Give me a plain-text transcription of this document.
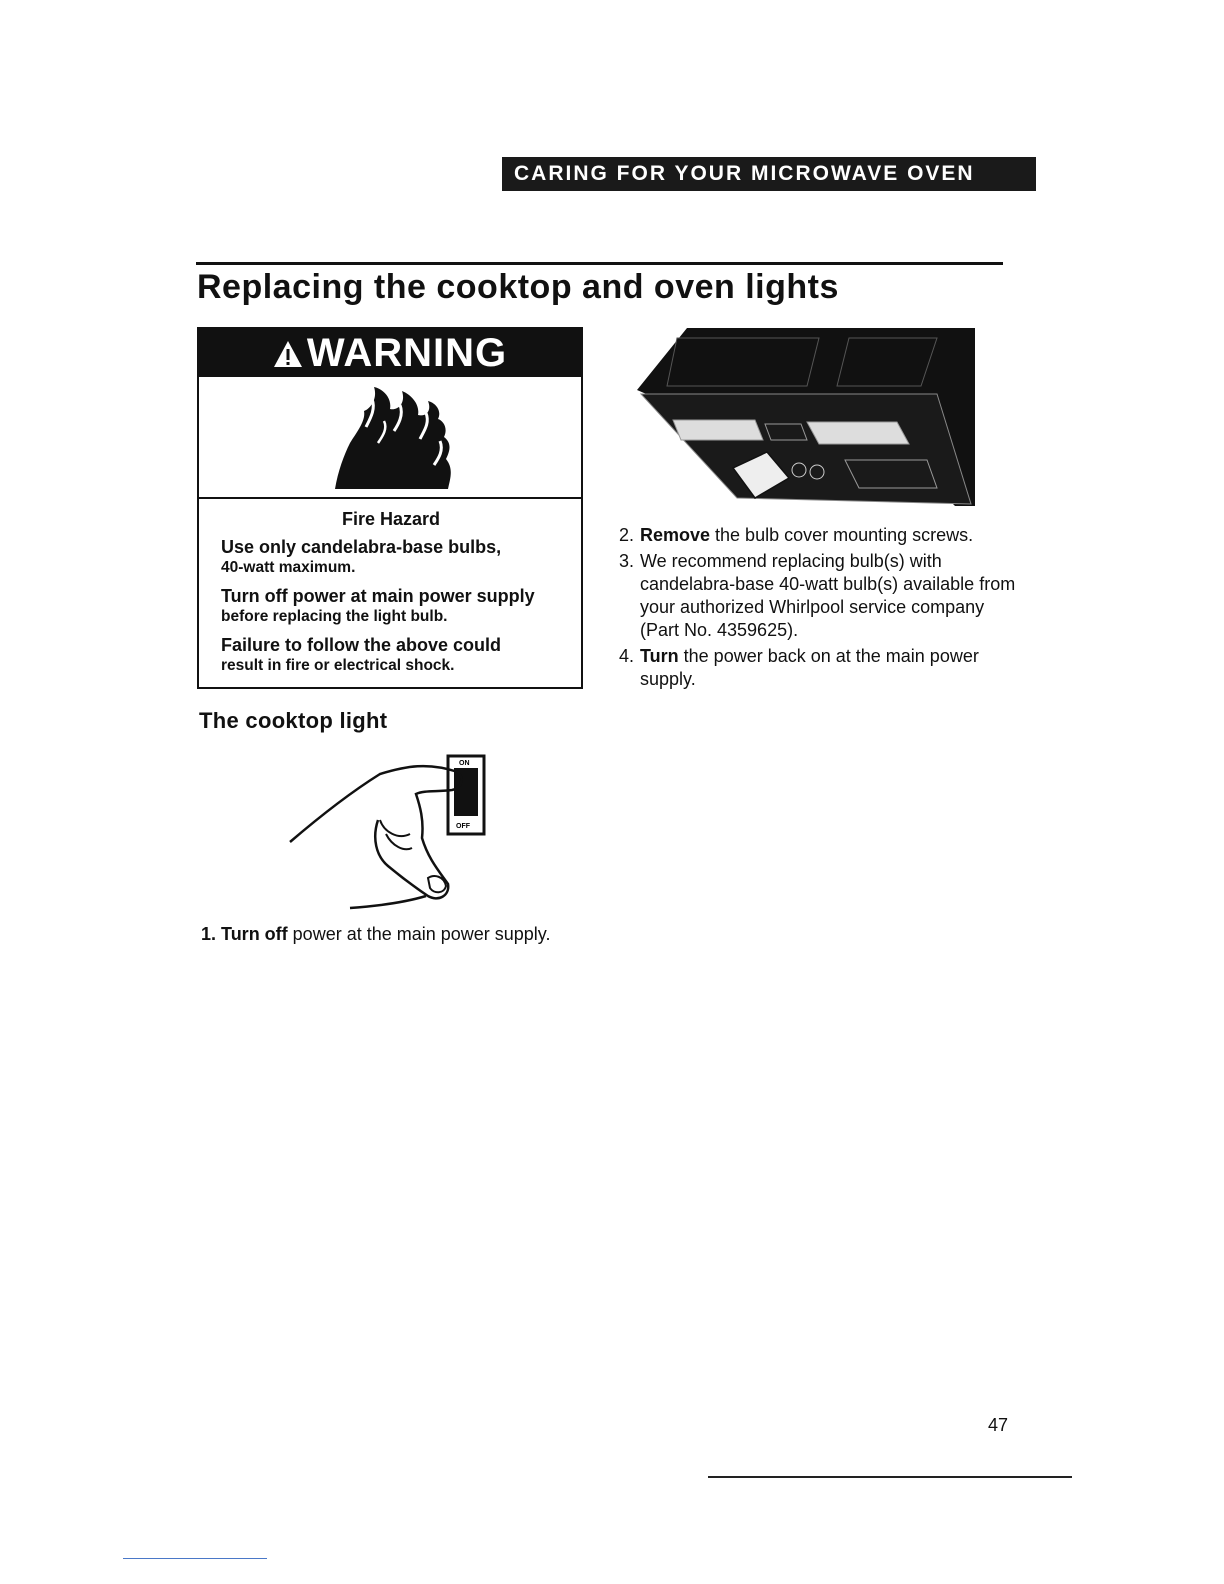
CARING FOR YOUR MICROWAVE OVEN
Replacing the cooktop and oven lights
WARNING
Fire Hazard
Use only candelabra-base bulbs,
40-watt maximum.
Turn off power at main power supply
before replacing the light bulb.
Failure to follow the above could
result in fire or electrical shock.
The cooktop light
ON
OFF
1. Turn off power at the main power supply.
2. Remove the bulb cover mounting screws.
3. We recommend replacing bulb(s) with candelabra-base 40-watt bulb(s) available from your authorized Whirlpool service company (Part No. 4359625).
4. Turn the power back on at the main power supply.
47
